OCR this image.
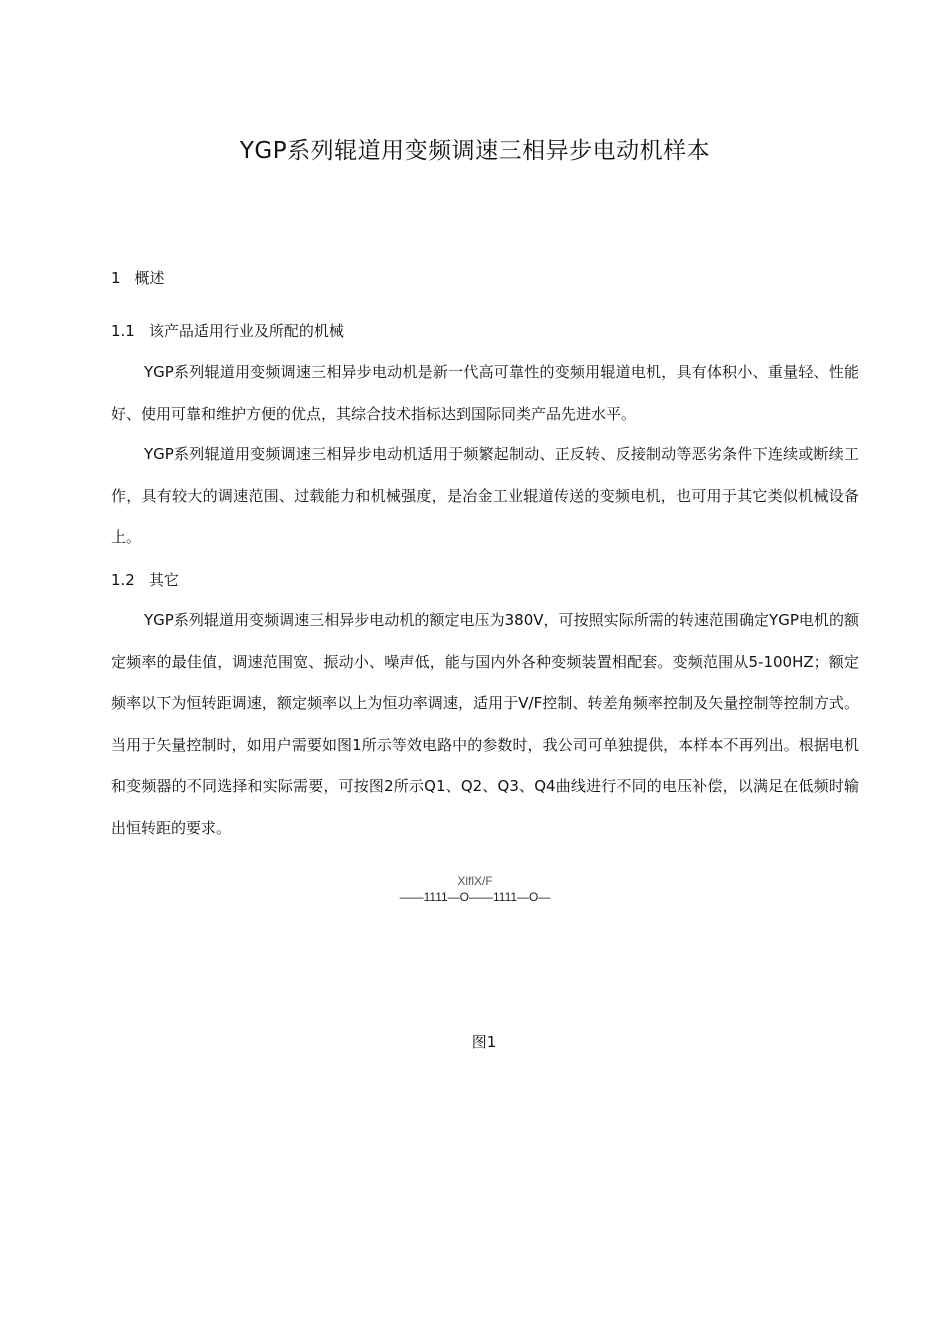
YGP系列辊道用变频调速三相异步电动机样本
1 概述
1.1 该产品适用行业及所配的机械
YGP系列辊道用变频调速三相异步电动机是新一代高可靠性的变频用辊道电机，具有体积小、重量轻、性能好、使用可靠和维护方便的优点，其综合技术指标达到国际同类产品先进水平。
YGP系列辊道用变频调速三相异步电动机适用于频繁起制动、正反转、反接制动等恶劣条件下连续或断续工作，具有较大的调速范围、过载能力和机械强度，是冶金工业辊道传送的变频电机，也可用于其它类似机械设备上。
1.2 其它
YGP系列辊道用变频调速三相异步电动机的额定电压为380V，可按照实际所需的转速范围确定YGP电机的额定频率的最佳值，调速范围宽、振动小、噪声低，能与国内外各种变频装置相配套。变频范围从5-100HZ；额定频率以下为恒转距调速，额定频率以上为恒功率调速，适用于V/F控制、转差角频率控制及矢量控制等控制方式。当用于矢量控制时，如用户需要如图1所示等效电路中的参数时，我公司可单独提供，本样本不再列出。根据电机和变频器的不同选择和实际需要，可按图2所示Q1、Q2、Q3、Q4曲线进行不同的电压补偿，以满足在低频时输出恒转距的要求。
XlflX/F
——1111—O——1111—O—
图1
